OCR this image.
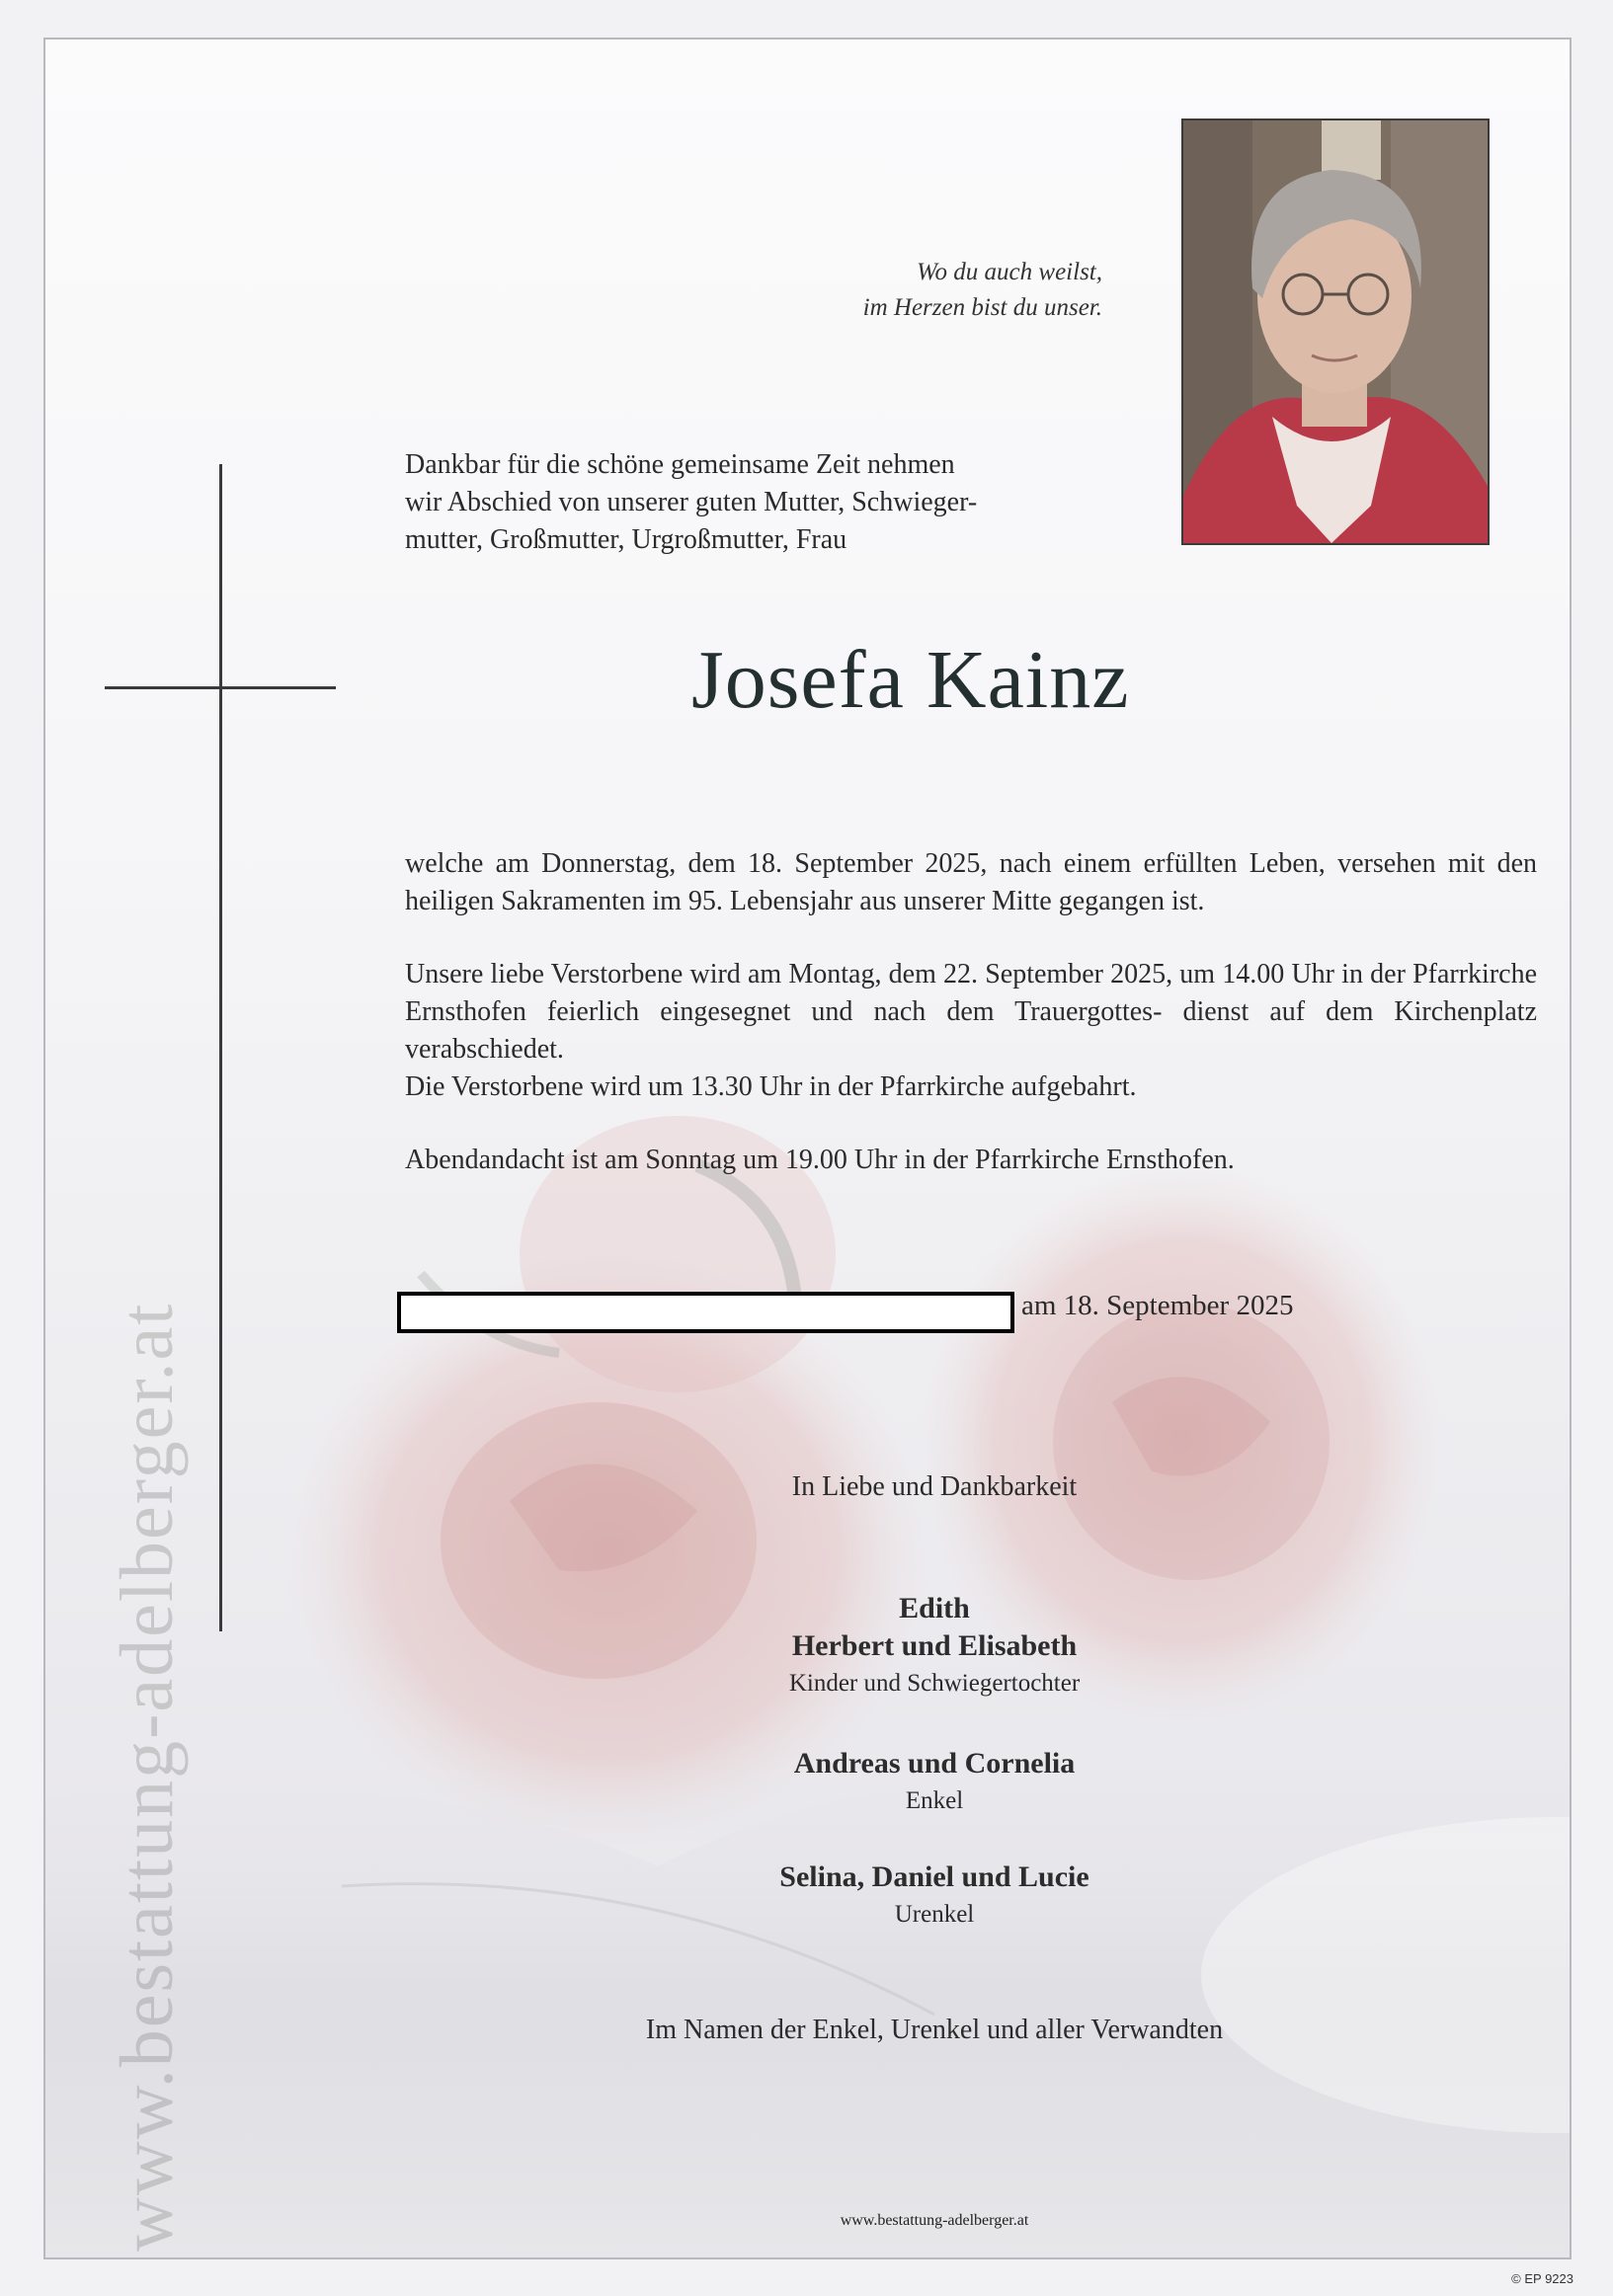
www.bestattung-adelberger.at
Wo du auch weilst,
im Herzen bist du unser.
Dankbar für die schöne gemeinsame Zeit nehmen
wir Abschied von unserer guten Mutter, Schwieger-
mutter, Großmutter, Urgroßmutter, Frau
Josefa Kainz

welche am Donnerstag, dem 18. September 2025, nach einem erfüllten Leben, versehen mit den heiligen Sakramenten im 95. Lebensjahr aus unserer Mitte gegangen ist.

Unsere liebe Verstorbene wird am Montag, dem 22. September 2025, um 14.00 Uhr in der Pfarrkirche Ernsthofen feierlich eingesegnet und nach dem Trauergottes- dienst auf dem Kirchenplatz verabschiedet.

Die Verstorbene wird um 13.30 Uhr in der Pfarrkirche aufgebahrt.

Abendandacht ist am Sonntag um 19.00 Uhr in der Pfarrkirche Ernsthofen.

am 18. September 2025
In Liebe und Dankbarkeit
Edith
Herbert und Elisabeth
Kinder und Schwiegertochter
Andreas und Cornelia
Enkel
Selina, Daniel und Lucie
Urenkel
Im Namen der Enkel, Urenkel und aller Verwandten
www.bestattung-adelberger.at
© EP 9223
